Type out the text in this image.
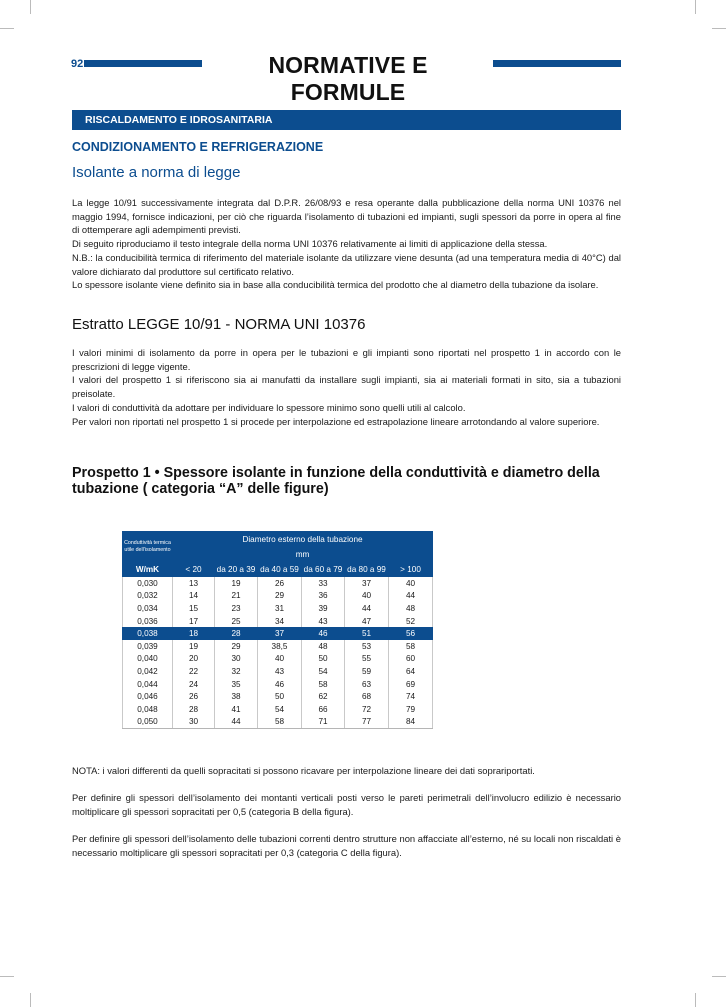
92	NORMATIVE E FORMULE
RISCALDAMENTO E IDROSANITARIA
CONDIZIONAMENTO E REFRIGERAZIONE
Isolante a norma di legge

La legge 10/91 successivamente integrata dal D.P.R. 26/08/93 e resa operante dalla pubblicazione della norma UNI 10376 nel maggio 1994, fornisce indicazioni, per ciò che riguarda l’isolamento di tubazioni ed impianti, sugli spessori da porre in opera al fine di ottemperare agli adempimenti previsti.

Di seguito riproduciamo il testo integrale della norma UNI 10376 relativamente ai limiti di applicazione della stessa.

N.B.: la conducibilità termica di riferimento del materiale isolante da utilizzare viene desunta (ad una temperatura media di 40°C) dal valore dichiarato dal produttore sul certificato relativo.

Lo spessore isolante viene definito sia in base alla conducibilità termica del prodotto che al diametro della tubazione da isolare.

Estratto LEGGE 10/91 - NORMA UNI 10376

I valori minimi di isolamento da porre in opera per le tubazioni e gli impianti sono riportati nel prospetto 1 in accordo con le prescrizioni di legge vigente.

I valori del prospetto 1 si riferiscono sia ai manufatti da installare sugli impianti, sia ai materiali formati in sito, sia a tubazioni preisolate.

I valori di conduttività da adottare per individuare lo spessore minimo sono quelli utili al calcolo.

Per valori non riportati nel prospetto 1 si procede per interpolazione ed estrapolazione lineare arrotondando al valore superiore.

Prospetto 1 • Spessore isolante in funzione della conduttività e diametro della tubazione ( categoria “A” delle figure)
Conduttività termica utile dell’isolamento	Diametro esterno della tubazione					
	mm					
W/mK	< 20	da 20 a 39	da 40 a 59	da 60 a 79	da 80 a 99	> 100
0,030	13	19	26	33	37	40
0,032	14	21	29	36	40	44
0,034	15	23	31	39	44	48
0,036	17	25	34	43	47	52
0,038	18	28	37	46	51	56
0,039	19	29	38,5	48	53	58
0,040	20	30	40	50	55	60
0,042	22	32	43	54	59	64
0,044	24	35	46	58	63	69
0,046	26	38	50	62	68	74
0,048	28	41	54	66	72	79
0,050	30	44	58	71	77	84
NOTA: i valori differenti da quelli sopracitati si possono ricavare per interpolazione lineare dei dati soprariportati.
Per definire gli spessori dell’isolamento dei montanti verticali posti verso le pareti perimetrali dell’involucro edilizio è necessario moltiplicare gli spessori sopracitati per 0,5 (categoria B della figura).
Per definire gli spessori dell’isolamento delle tubazioni correnti dentro strutture non affacciate all’esterno, né su locali non riscaldati è necessario moltiplicare gli spessori sopracitati per 0,3 (categoria C della figura).
